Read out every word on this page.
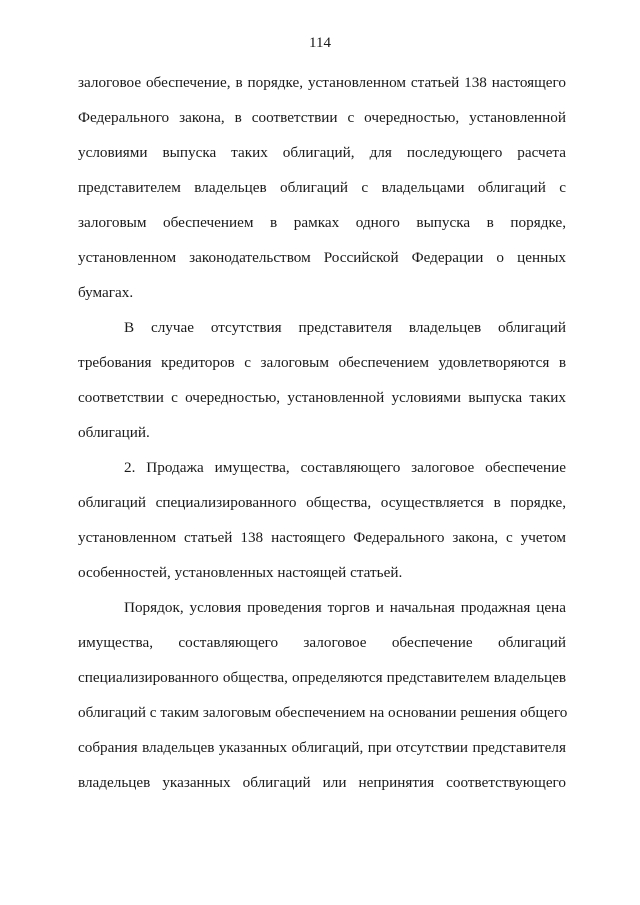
114
залоговое обеспечение, в порядке, установленном статьей 138 настоящего
Федерального закона, в соответствии с очередностью, установленной
условиями выпуска таких облигаций, для последующего расчета
представителем владельцев облигаций с владельцами облигаций с
залоговым обеспечением в рамках одного выпуска в порядке,
установленном законодательством Российской Федерации о ценных
бумагах.
В случае отсутствия представителя владельцев облигаций
требования кредиторов с залоговым обеспечением удовлетворяются в
соответствии с очередностью, установленной условиями выпуска таких
облигаций.
2. Продажа имущества, составляющего залоговое обеспечение
облигаций специализированного общества, осуществляется в порядке,
установленном статьей 138 настоящего Федерального закона, с учетом
особенностей, установленных настоящей статьей.
Порядок, условия проведения торгов и начальная продажная цена
имущества, составляющего залоговое обеспечение облигаций
специализированного общества, определяются представителем владельцев
облигаций с таким залоговым обеспечением на основании решения общего
собрания владельцев указанных облигаций, при отсутствии представителя
владельцев указанных облигаций или непринятия соответствующего
